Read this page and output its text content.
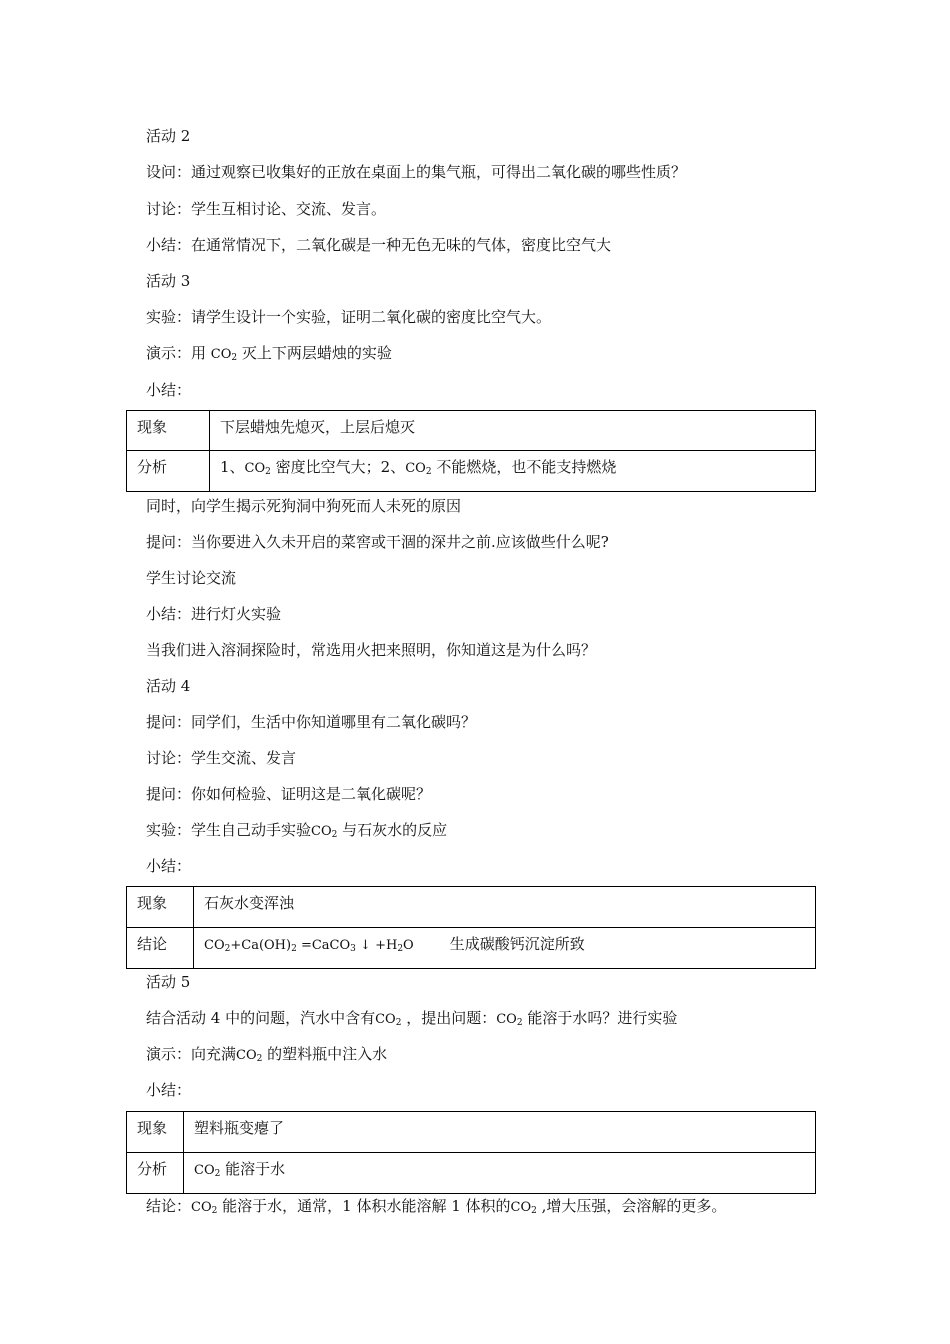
活动 2
设问：通过观察已收集好的正放在桌面上的集气瓶，可得出二氧化碳的哪些性质？
讨论：学生互相讨论、交流、发言。
小结：在通常情况下，二氧化碳是一种无色无味的气体，密度比空气大
活动 3
实验：请学生设计一个实验，证明二氧化碳的密度比空气大。
演示：用 $CO_2$ 灭上下两层蜡烛的实验
小结：
现象	下层蜡烛先熄灭，上层后熄灭
分析	1、$CO_2$ 密度比空气大；2、$CO_2$ 不能燃烧，也不能支持燃烧
同时，向学生揭示死狗洞中狗死而人未死的原因
提问：当你要进入久未开启的菜窖或干涸的深井之前.应该做些什么呢?
学生讨论交流
小结：进行灯火实验
当我们进入溶洞探险时，常选用火把来照明，你知道这是为什么吗？
活动 4
提问：同学们，生活中你知道哪里有二氧化碳吗？
讨论：学生交流、发言
提问：你如何检验、证明这是二氧化碳呢？
实验：学生自己动手实验$CO_2$ 与石灰水的反应
小结：
现象	石灰水变浑浊
结论	$CO_2+Ca(OH)_2$ =CaCO$_3$ ↓ $+H_2O$ 生成碳酸钙沉淀所致
活动 5
结合活动 4 中的问题，汽水中含有$CO_2$ ，提出问题：$CO_2$ 能溶于水吗？进行实验
演示：向充满$CO_2$ 的塑料瓶中注入水
小结：
现象	塑料瓶变瘪了
分析	$CO_2$ 能溶于水
结论：$CO_2$ 能溶于水，通常，1 体积水能溶解 1 体积的$CO_2$ ,增大压强，会溶解的更多。
